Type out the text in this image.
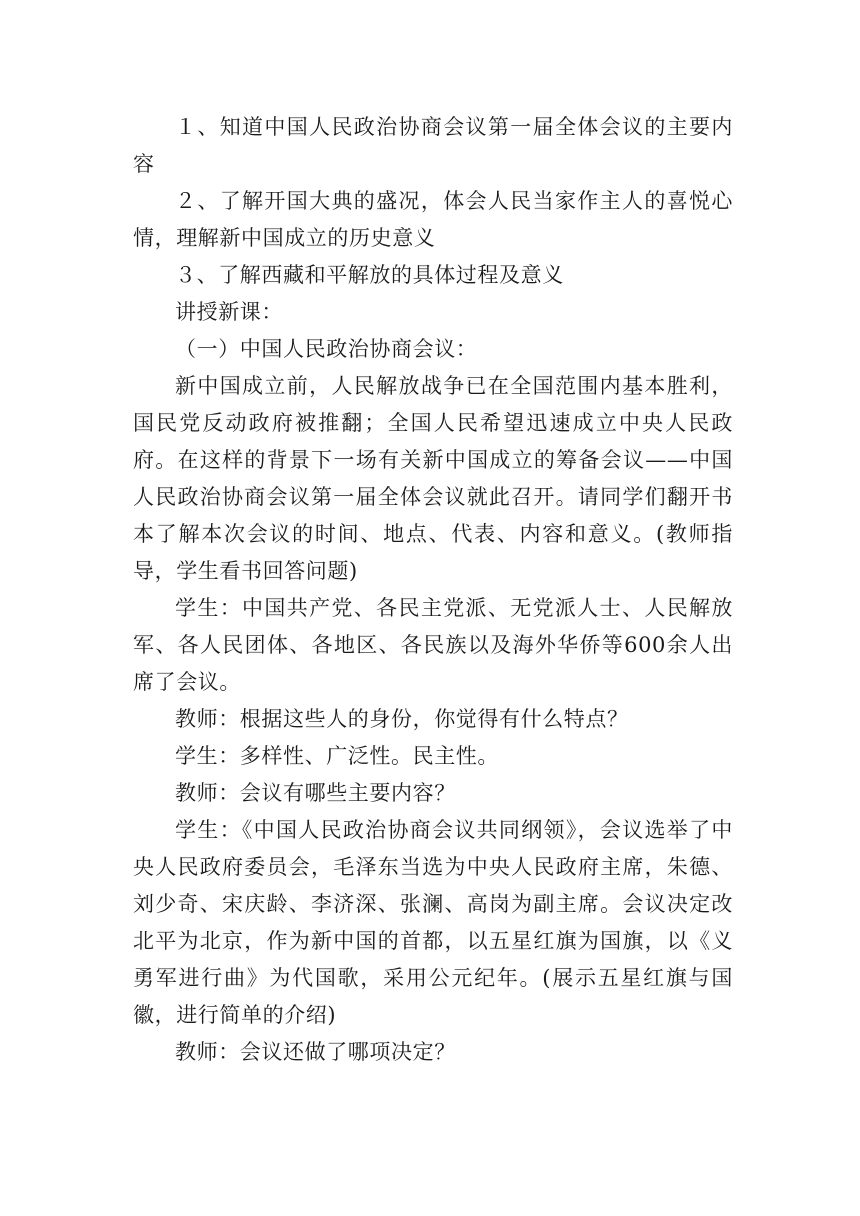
１、知道中国人民政治协商会议第一届全体会议的主要内容

２、了解开国大典的盛况，体会人民当家作主人的喜悦心情，理解新中国成立的历史意义

３、了解西藏和平解放的具体过程及意义

讲授新课：

（一）中国人民政治协商会议：

新中国成立前，人民解放战争已在全国范围内基本胜利，国民党反动政府被推翻；全国人民希望迅速成立中央人民政府。在这样的背景下一场有关新中国成立的筹备会议——中国人民政治协商会议第一届全体会议就此召开。请同学们翻开书本了解本次会议的时间、地点、代表、内容和意义。(教师指导，学生看书回答问题)

学生：中国共产党、各民主党派、无党派人士、人民解放军、各人民团体、各地区、各民族以及海外华侨等600余人出席了会议。

教师：根据这些人的身份，你觉得有什么特点？

学生：多样性、广泛性。民主性。

教师：会议有哪些主要内容？

学生：《中国人民政治协商会议共同纲领》，会议选举了中央人民政府委员会，毛泽东当选为中央人民政府主席，朱德、刘少奇、宋庆龄、李济深、张澜、高岗为副主席。会议决定改北平为北京，作为新中国的首都，以五星红旗为国旗，以《义勇军进行曲》为代国歌，采用公元纪年。(展示五星红旗与国徽，进行简单的介绍)

教师：会议还做了哪项决定？
